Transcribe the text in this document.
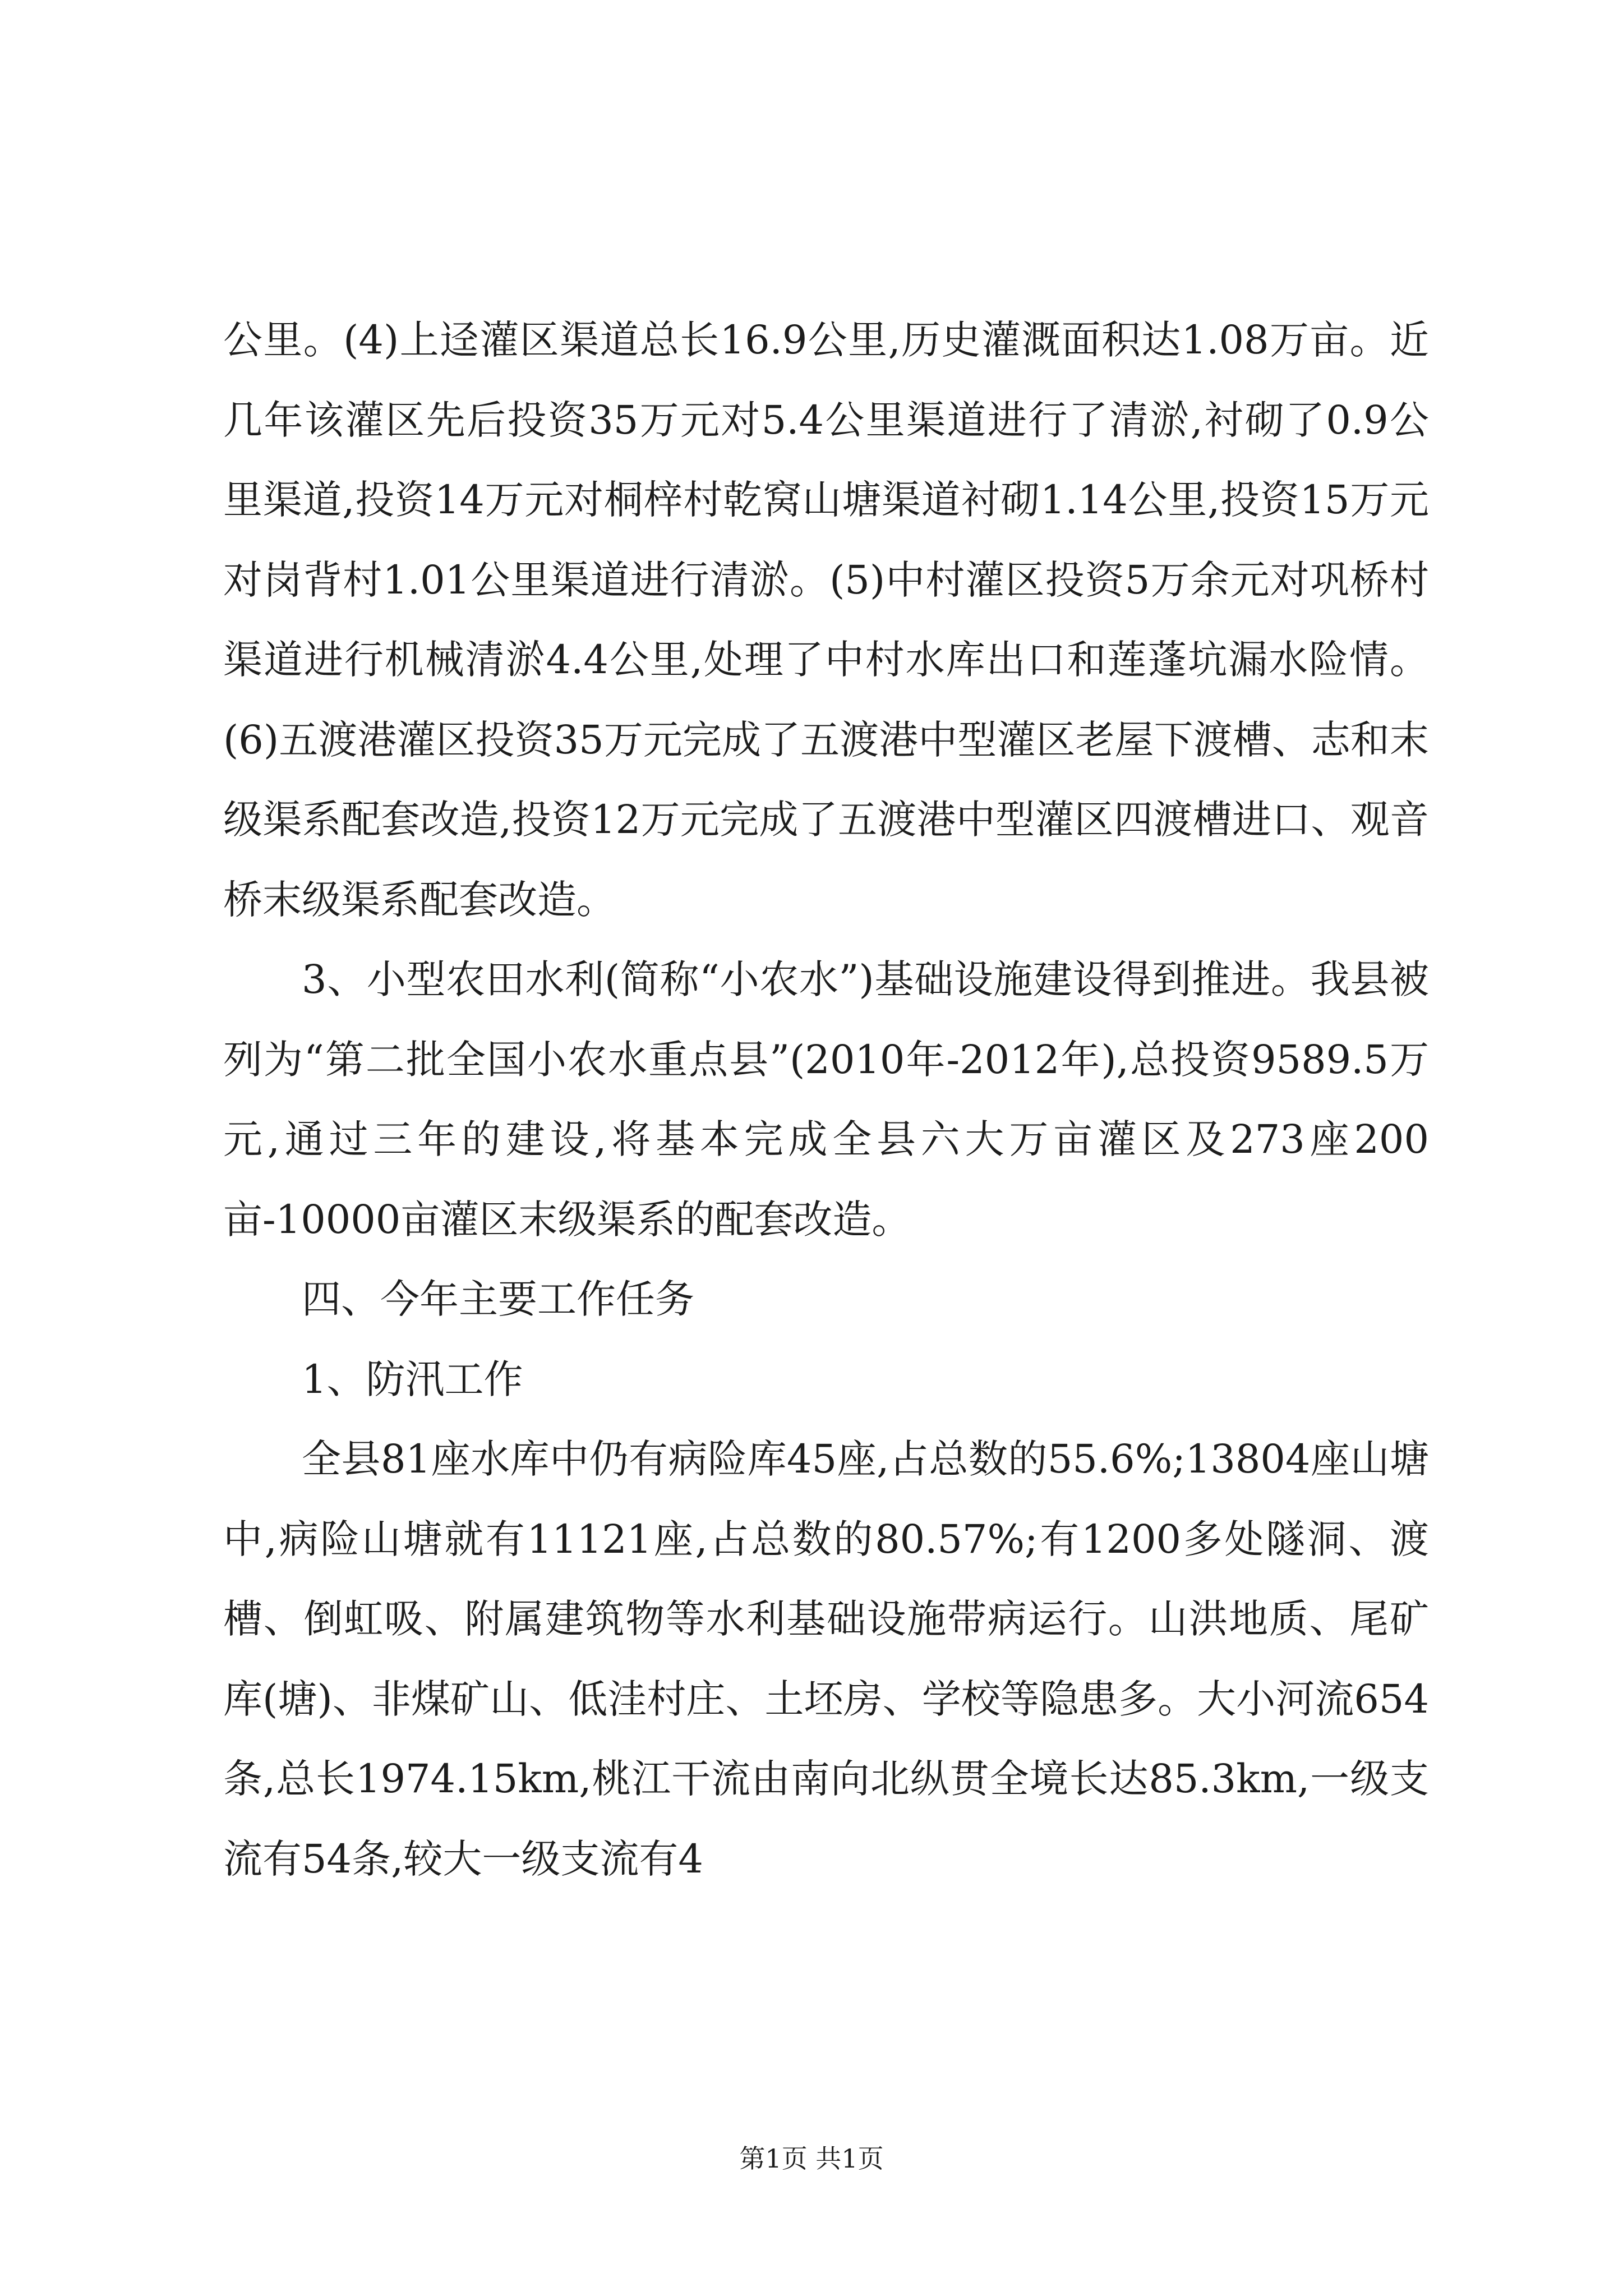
公里。(4)上迳灌区渠道总长16.9公里,历史灌溉面积达1.08万亩。近几年该灌区先后投资35万元对5.4公里渠道进行了清淤,衬砌了0.9公里渠道,投资14万元对桐梓村乾窝山塘渠道衬砌1.14公里,投资15万元对岗背村1.01公里渠道进行清淤。(5)中村灌区投资5万余元对巩桥村渠道进行机械清淤4.4公里,处理了中村水库出口和莲蓬坑漏水险情。(6)五渡港灌区投资35万元完成了五渡港中型灌区老屋下渡槽、志和末级渠系配套改造,投资12万元完成了五渡港中型灌区四渡槽进口、观音桥末级渠系配套改造。

3、小型农田水利(简称“小农水”)基础设施建设得到推进。我县被列为“第二批全国小农水重点县”(2010年-2012年),总投资9589.5万元,通过三年的建设,将基本完成全县六大万亩灌区及273座200亩-10000亩灌区末级渠系的配套改造。

四、今年主要工作任务

1、防汛工作

全县81座水库中仍有病险库45座,占总数的55.6%;13804座山塘中,病险山塘就有11121座,占总数的80.57%;有1200多处隧洞、渡槽、倒虹吸、附属建筑物等水利基础设施带病运行。山洪地质、尾矿库(塘)、非煤矿山、低洼村庄、土坯房、学校等隐患多。大小河流654条,总长1974.15km,桃江干流由南向北纵贯全境长达85.3km,一级支流有54条,较大一级支流有4

第1页 共1页
